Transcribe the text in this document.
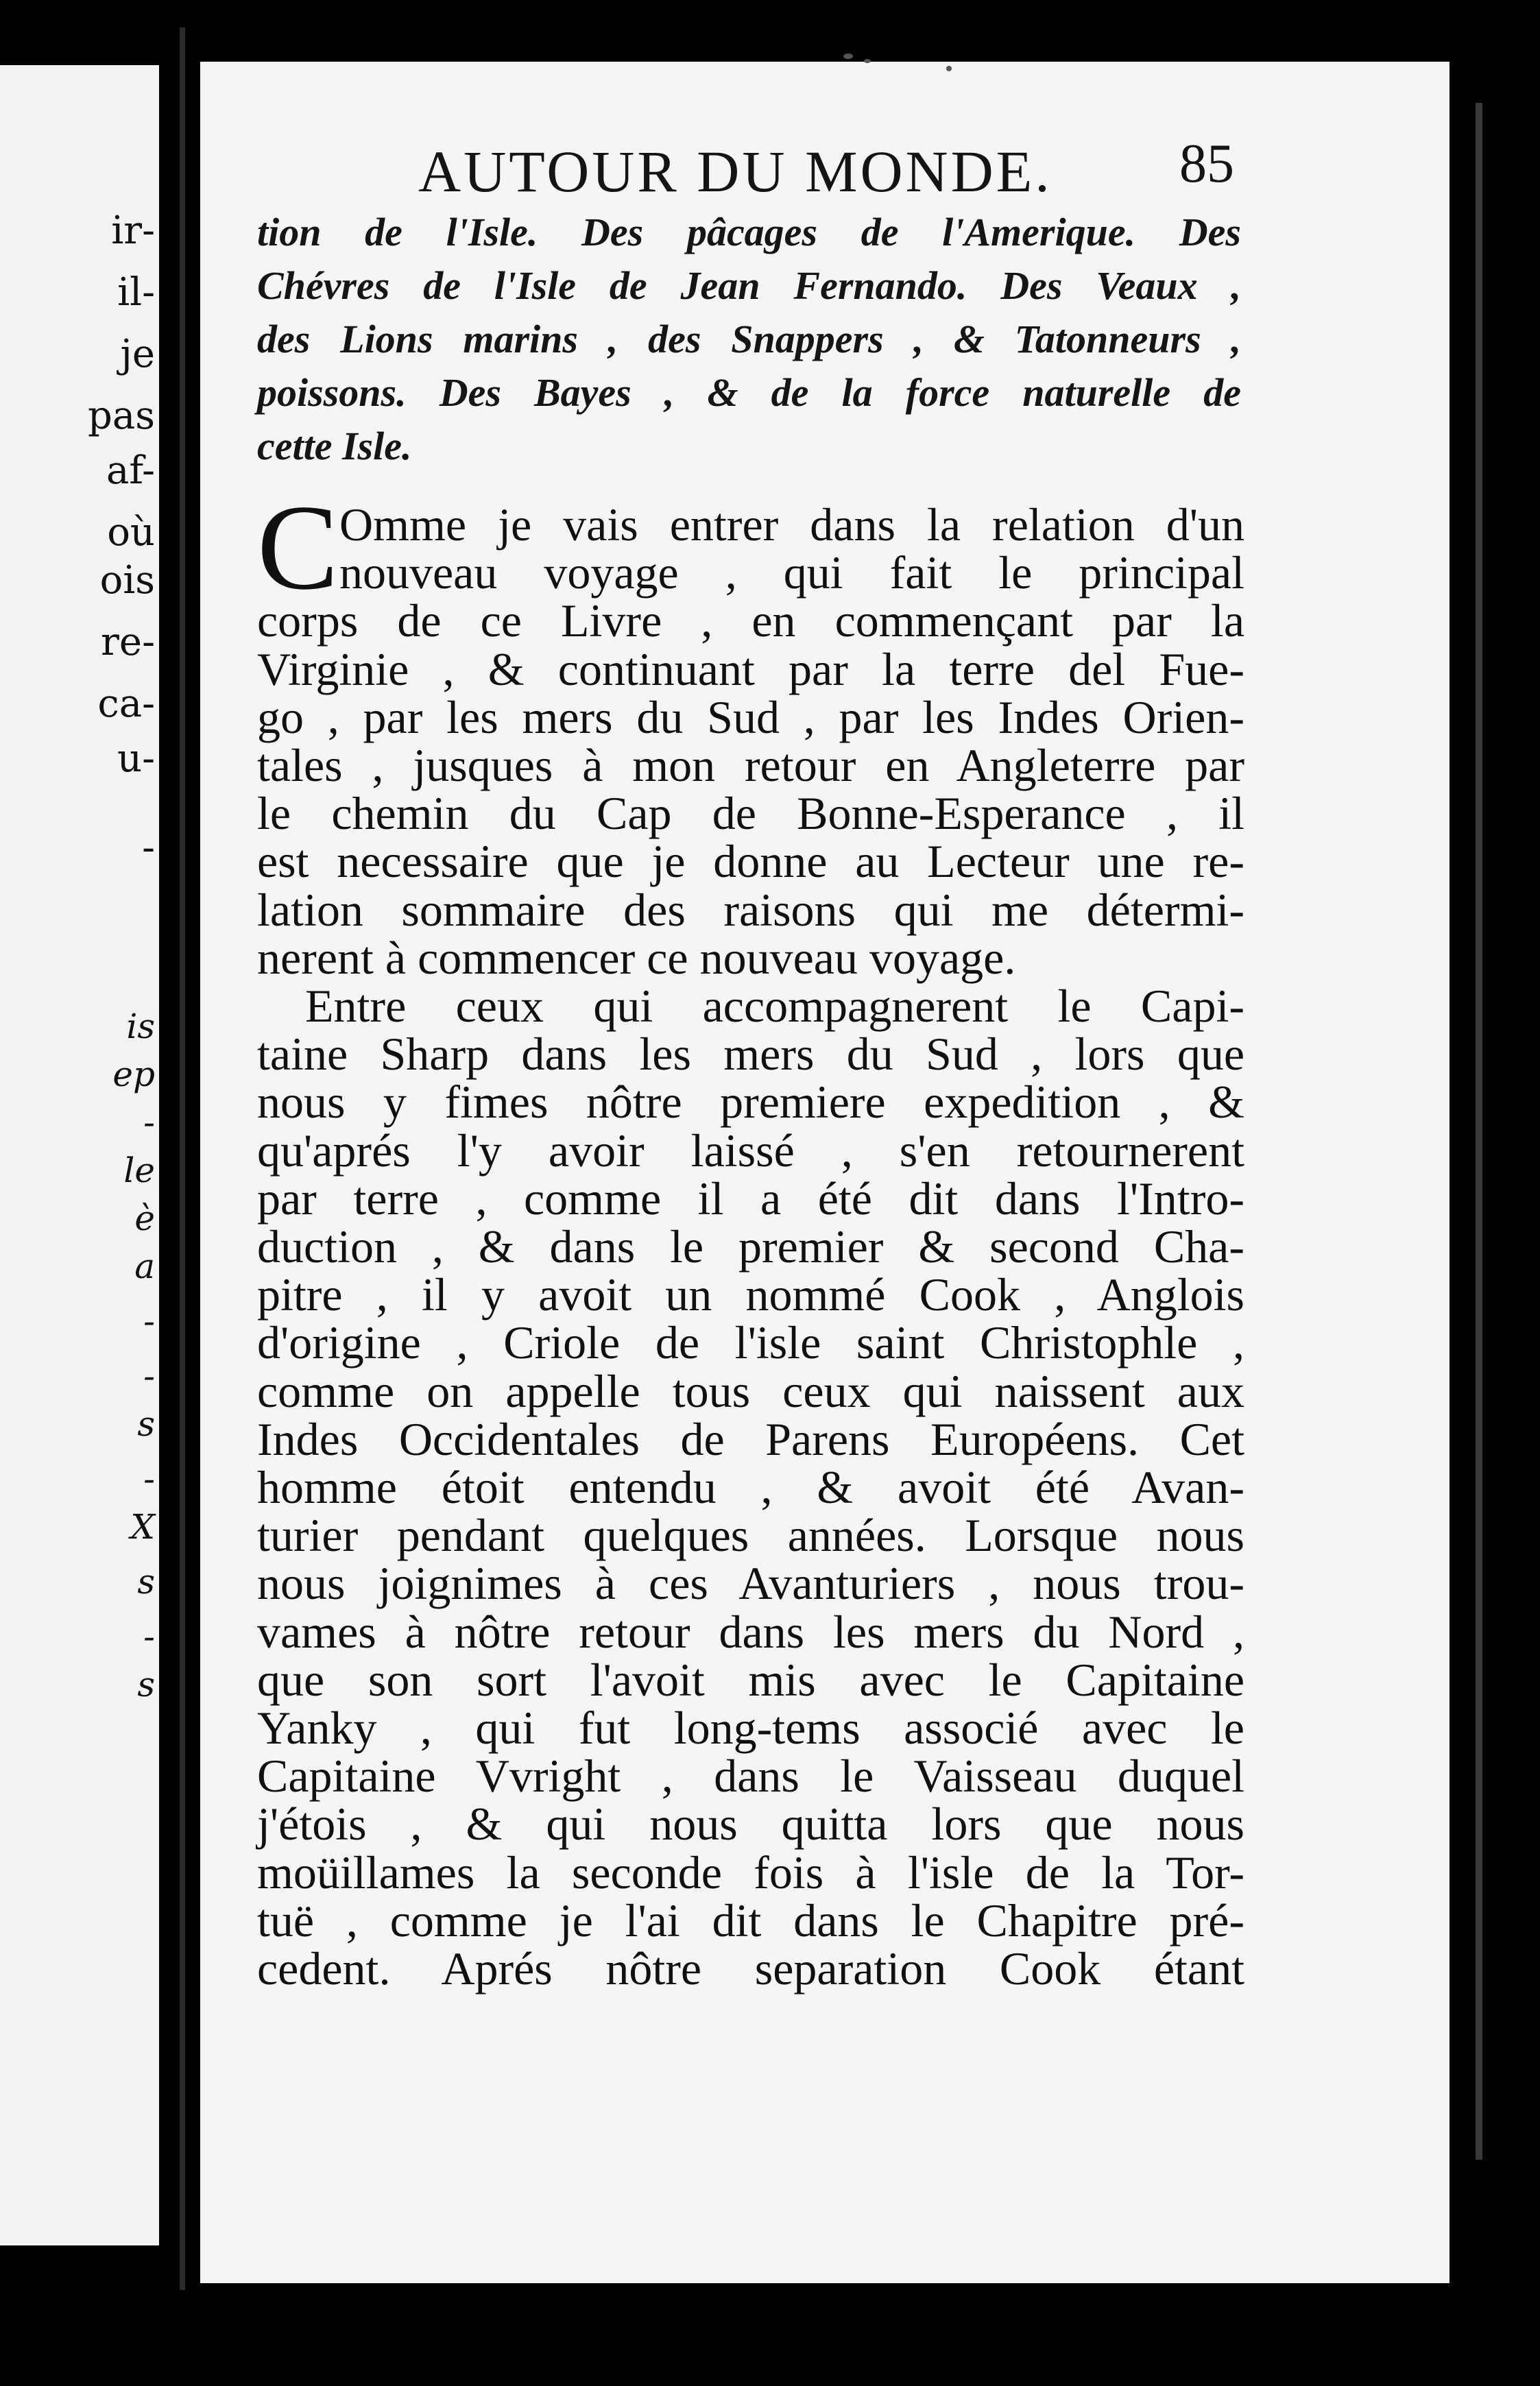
ir-
il-
je
pas
af-
où
ois
re-
ca-
u-
-
is
ep
-
le
è
a
-
-
s
-
X
s
-
s
AUTOUR DU MONDE. 85
tion de l'Isle. Des pâcages de l'Amerique. Des
Chévres de l'Isle de Jean Fernando. Des Veaux ,
des Lions marins , des Snappers , & Tatonneurs ,
poissons. Des Bayes , & de la force naturelle de
cette Isle.
C Omme je vais entrer dans la relation d'un
nouveau voyage , qui fait le principal
corps de ce Livre , en commençant par la
Virginie , & continuant par la terre del Fue-
go , par les mers du Sud , par les Indes Orien-
tales , jusques à mon retour en Angleterre par
le chemin du Cap de Bonne-Esperance , il
est necessaire que je donne au Lecteur une re-
lation sommaire des raisons qui me détermi-
nerent à commencer ce nouveau voyage.
Entre ceux qui accompagnerent le Capi-
taine Sharp dans les mers du Sud , lors que
nous y fimes nôtre premiere expedition , &
qu'aprés l'y avoir laissé , s'en retournerent
par terre , comme il a été dit dans l'Intro-
duction , & dans le premier & second Cha-
pitre , il y avoit un nommé Cook , Anglois
d'origine , Criole de l'isle saint Christophle ,
comme on appelle tous ceux qui naissent aux
Indes Occidentales de Parens Européens. Cet
homme étoit entendu , & avoit été Avan-
turier pendant quelques années. Lorsque nous
nous joignimes à ces Avanturiers , nous trou-
vames à nôtre retour dans les mers du Nord ,
que son sort l'avoit mis avec le Capitaine
Yanky , qui fut long-tems associé avec le
Capitaine Vvright , dans le Vaisseau duquel
j'étois , & qui nous quitta lors que nous
moüillames la seconde fois à l'isle de la Tor-
tuë , comme je l'ai dit dans le Chapitre pré-
cedent. Aprés nôtre separation Cook étant
